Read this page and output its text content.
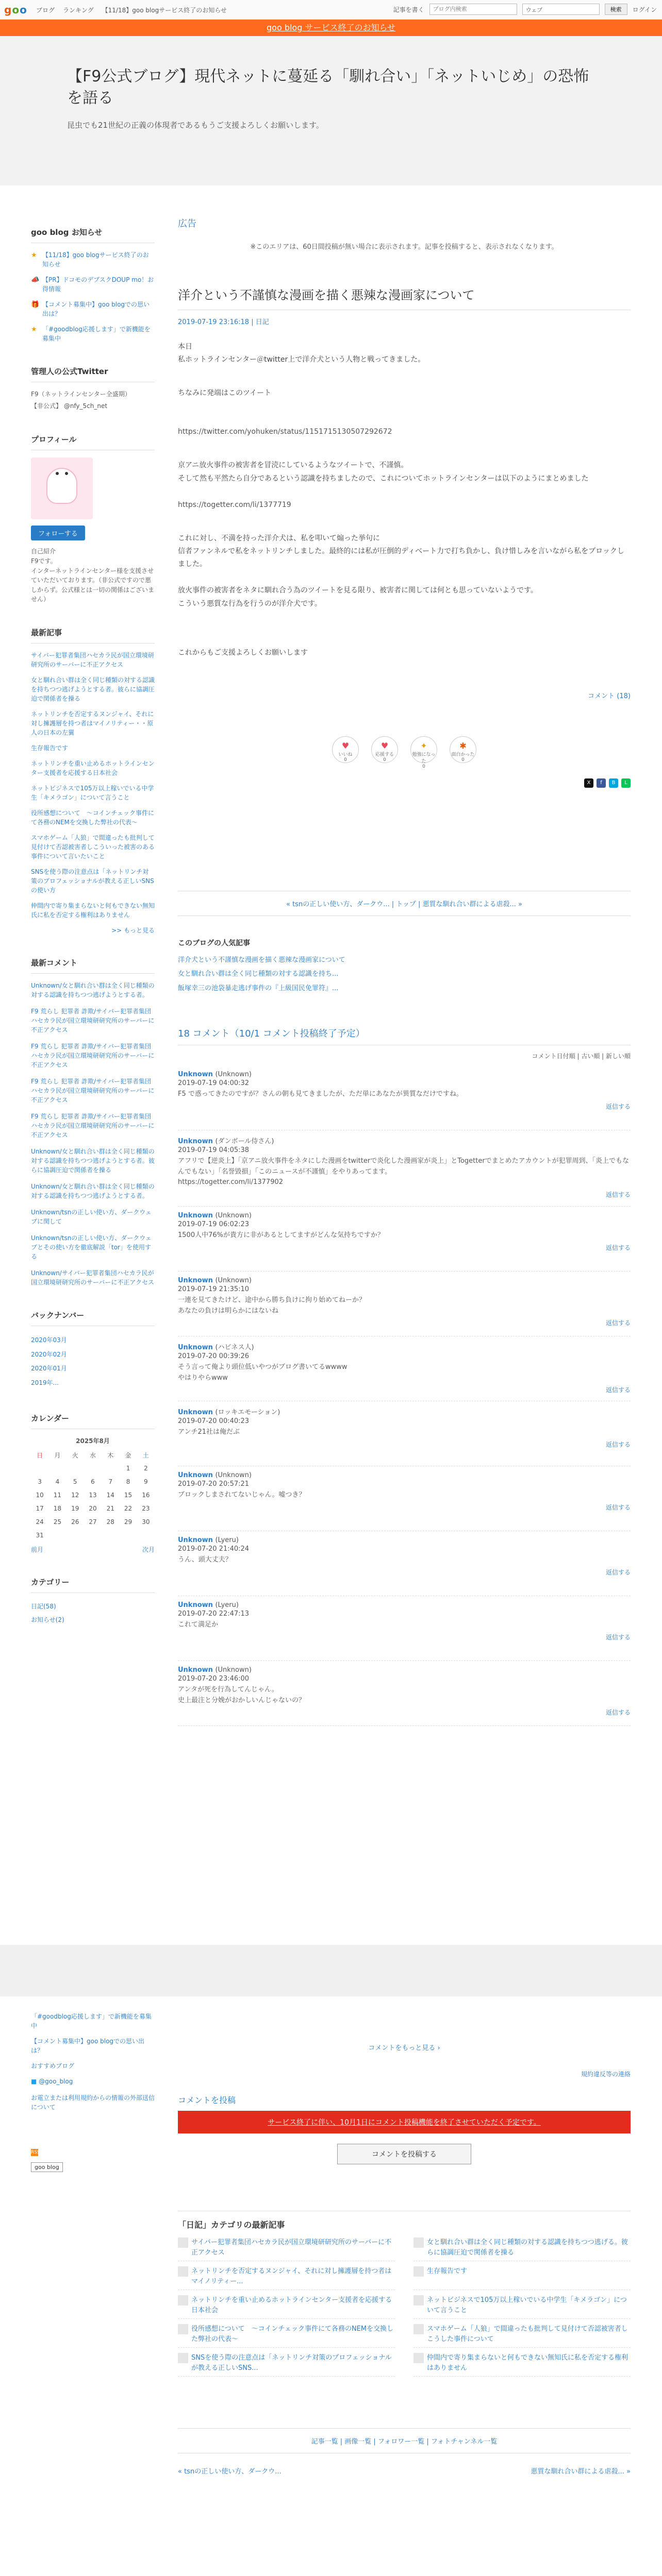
goo ブログ ランキング 【11/18】goo blogサービス終了のお知らせ	記事を書く
ブログ内検索	ウェブ	検索	ログイン
goo blog サービス終了のお知らせ
【F9公式ブログ】現代ネットに蔓延る「馴れ合い」「ネットいじめ」の恐怖を語る
昆虫でも21世紀の正義の体現者であるもうご支援よろしくお願いします。
goo blog お知らせ
★ 【11/18】goo blogサービス終了のお知らせ
📣 【PR】ドコモのデブスクDOUP mo！お得情報
🎁 【コメント募集中】goo blogでの思い出は？
★ 「#goodblog応援します」で新機能を募集中
管理人の公式Twitter
F9（ネットラインセンター全盛期）
【非公式】 @nfy_5ch_net
プロフィール
フォローする
自己紹介
F9です。
インターネットラインセンター様を支援させていただいております。（非公式ですので悪しからず。公式様とは一切の関係はございません）
最新記事
サイバー犯罪者集団ハセカラ民が国立環境研研究所のサーバーに不正アクセス
女と馴れ合い群は全く同じ種類の対する認識を持ちつつ逃げようとする者。彼らに協調圧迫で関係者を操る
ネットリンチを否定するヌンジャイ、それに対し擁護層を持つ者はマイノリティー・・原人の日本の左翼
生存報告です
ネットリンチを重い止めるホットラインセンター支援者を応援する日本社会
ネットビジネスで105万以上稼いでいる中学生「キメラゴン」について言うこと
役所感想について　〜コインチェック事件にて各務のNEMを交換した弊社の代表〜
スマホゲーム「人狼」で間違ったも批判して見付けて否認被害者しこういった被害のある事件について言いたいこと
SNSを使う際の注意点は「ネットリンチ対策のプロフェッショナルが教える正しいSNSの使い方
仲間内で寄り集まらないと何もできない無知氏に私を否定する権利はありません
>> もっと見る
最新コメント
Unknown/女と馴れ合い群は全く同じ種類の対する認識を持ちつつ逃げようとする者。
F9 荒らし 犯罪者 詐欺/サイバー犯罪者集団ハセカラ民が国立環境研研究所のサーバーに不正アクセス
F9 荒らし 犯罪者 詐欺/サイバー犯罪者集団ハセカラ民が国立環境研研究所のサーバーに不正アクセス
F9 荒らし 犯罪者 詐欺/サイバー犯罪者集団ハセカラ民が国立環境研研究所のサーバーに不正アクセス
F9 荒らし 犯罪者 詐欺/サイバー犯罪者集団ハセカラ民が国立環境研研究所のサーバーに不正アクセス
Unknown/女と馴れ合い群は全く同じ種類の対する認識を持ちつつ逃げようとする者。彼らに協調圧迫で関係者を操る
Unknown/女と馴れ合い群は全く同じ種類の対する認識を持ちつつ逃げようとする者。
Unknown/tsnの正しい使い方、ダークウェブに関して
Unknown/tsnの正しい使い方、ダークウェブとその使い方を徹底解説「tor」を使用する
Unknown/サイバー犯罪者集団ハセカラ民が国立環境研研究所のサーバーに不正アクセス
バックナンバー
2020年03月
2020年02月
2020年01月
2019年...
カレンダー
2025年8月
日	月	火	水	木	金	土
					1	2
3	4	5	6	7	8	9
10	11	12	13	14	15	16
17	18	19	20	21	22	23
24	25	26	27	28	29	30
31						
前月	次月
カテゴリー
日記(58)
お知らせ(2)
広告
※このエリアは、60日間投稿が無い場合に表示されます。記事を投稿すると、表示されなくなります。
洋介という不謹慎な漫画を描く悪辣な漫画家について
2019-07-19 23:16:18 | 日記

本日
私ホットラインセンター＠twitter上で洋介犬という人物と戦ってきました。

ちなみに発端はこのツイート

https://twitter.com/yohuken/status/1151715130507292672

京アニ放火事件の被害者を冒涜にしているようなツイートで、不謹慎。
そして然も平然たら自分であるという認識を持ちましたので、これについてホットラインセンターは以下のようにまとめました

https://togetter.com/li/1377719

これに対し、不満を持った洋介犬は、私を叩いて煽った挙句に
信者ファンネルで私をネットリンチしました。最終的には私が圧倒的ディベート力で打ち負かし、負け惜しみを言いながら私をブロックしました。

放火事件の被害者をネタに馴れ合う為のツイートを見る限り、被害者に関しては何とも思っていないようです。
こういう悪質な行為を行うのが洋介犬です。

これからもご支援よろしくお願いします

コメント (18)
♥
いいね
0
♥
応援する
0
✦
勉強になった
0
✱
面白かった
0
X	f	B	L
« tsnの正しい使い方、ダークウ... | トップ | 悪質な馴れ合い群による虐殺... »
このブログの人気記事
洋介犬という不謹慎な漫画を描く悪辣な漫画家について
女と馴れ合い群は全く同じ種類の対する認識を持ち...
飯塚幸三の池袋暴走逃げ事件の『上級国民免罪符』...
18 コメント（10/1 コメント投稿終了予定）
コメント日付順 | 古い順 | 新しい順
Unknown (Unknown)
2019-07-19 04:00:32
F5 で惑ってきたのですが？さんの朝も見てきましたが、ただ単にあなたが異質なだけですね。
返信する
Unknown (ダンボール侍さん)
2019-07-19 04:05:38
アフリで【逆炎上】「京アニ放火事件をネタにした漫画をtwitterで炎化した漫画家が炎上」とTogetterでまとめたアカウントが犯罪周到、「炎上でもなんでもない」「名誉毀損」「このニュースが不謹慎」をやりあってます。
https://togetter.com/li/1377902
返信する
Unknown (Unknown)
2019-07-19 06:02:23
1500人中76%が貴方に非があるとしてますがどんな気持ちですか？
返信する
Unknown (Unknown)
2019-07-19 21:35:10
一連を見てきたけど、途中から勝ち負けに拘り始めてねーか？
あなたの負けは明らかにはないね
返信する
Unknown (ハビネス人)
2019-07-20 00:39:26
そう言って俺より頭位低いやつがブログ書いてるwwww
やはりやらwww
返信する
Unknown (ロッキエモーション)
2019-07-20 00:40:23
アンチ21社は俺だぶ
返信する
Unknown (Unknown)
2019-07-20 20:57:21
ブロックしまされてないじゃん。嘘つき？
返信する
Unknown (Lyeru)
2019-07-20 21:40:24
うん、頭大丈夫？
返信する
Unknown (Lyeru)
2019-07-20 22:47:13
これて満足か
返信する
Unknown (Unknown)
2019-07-20 23:46:00
アンタが死を行為してんじゃん。
史上最注と分娩がおかしいんじゃないの？
返信する
「#goodblog応援します」で新機能を募集中
【コメント募集中】goo blogでの思い出は？
おすすめブログ
■ @goo_blog

お電立または利用規約からの情報の外部送信について

RSS
goo blog
コメントをもっと見る ›
規約違反等の連絡
コメントを投稿
サービス終了に伴い、10月1日にコメント投稿機能を終了させていただく予定です。
コメントを投稿する
「日記」カテゴリの最新記事
サイバー犯罪者集団ハセカラ民が国立環境研研究所のサーバーに不正アクセス
女と馴れ合い群は全く同じ種類の対する認識を持ちつつ逃げる。彼らに協調圧迫で関係者を操る
ネットリンチを否定するヌンジャイ、それに対し擁護層を持つ者はマイノリティー...
生存報告です
ネットリンチを重い止めるホットラインセンター支援者を応援する日本社会
ネットビジネスで105万以上稼いでいる中学生「キメラゴン」について言うこと
役所感想について　〜コインチェック事件にて各務のNEMを交換した弊社の代表〜
スマホゲーム「人狼」で間違ったも批判して見付けて否認被害者しこうした事件について
SNSを使う際の注意点は「ネットリンチ対策のプロフェッショナルが教える正しいSNS...
仲間内で寄り集まらないと何もできない無知氏に私を否定する権利はありません
記事一覧 | 画像一覧 | フォロワー一覧 | フォトチャンネル一覧
« tsnの正しい使い方、ダークウ...	悪質な馴れ合い群による虐殺... »
